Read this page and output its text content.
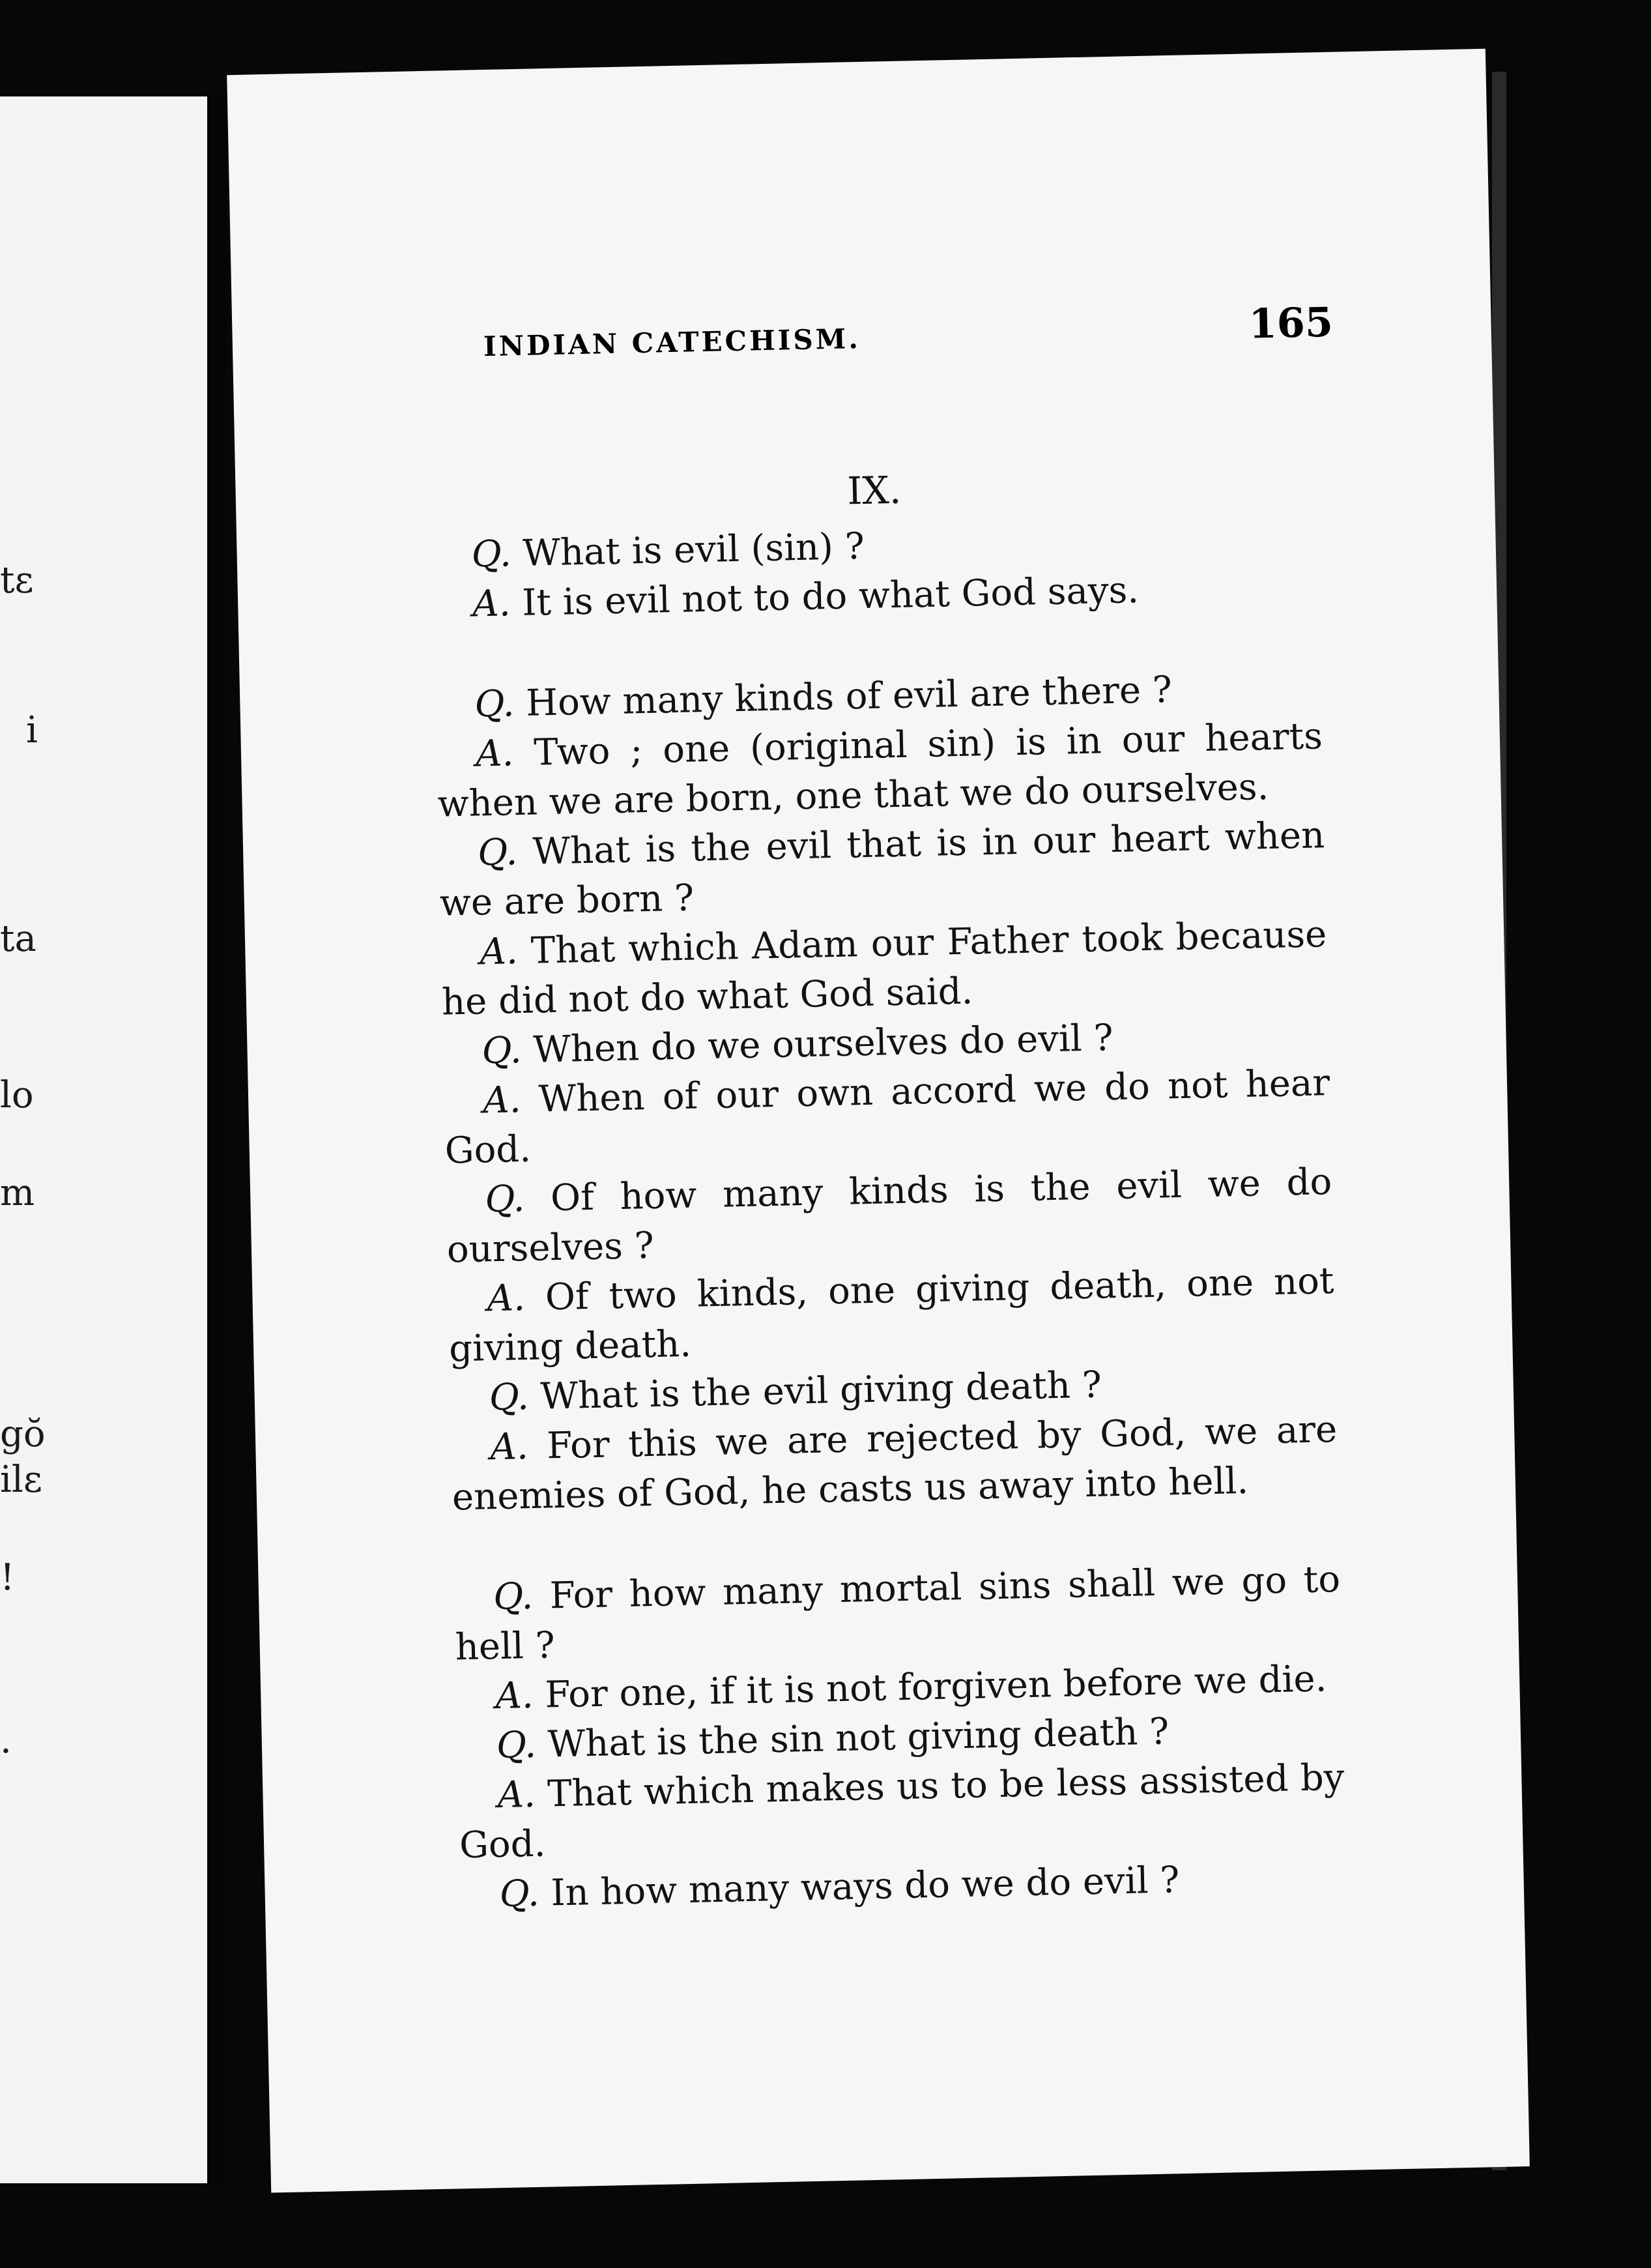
tε
i
ta
lo
m
gŏ
ilε
!
.
INDIAN CATECHISM.	165
IX.

Q. What is evil (sin) ?

A. It is evil not to do what God says.

Q. How many kinds of evil are there ?

A. Two ; one (original sin) is in our hearts when we are born, one that we do ourselves.

Q. What is the evil that is in our heart when we are born ?

A. That which Adam our Father took because he did not do what God said.

Q. When do we ourselves do evil ?

A. When of our own accord we do not hear God.

Q. Of how many kinds is the evil we do ourselves ?

A. Of two kinds, one giving death, one not giving death.

Q. What is the evil giving death ?

A. For this we are rejected by God, we are enemies of God, he casts us away into hell.

Q. For how many mortal sins shall we go to hell ?

A. For one, if it is not forgiven before we die.

Q. What is the sin not giving death ?

A. That which makes us to be less assisted by God.

Q. In how many ways do we do evil ?
